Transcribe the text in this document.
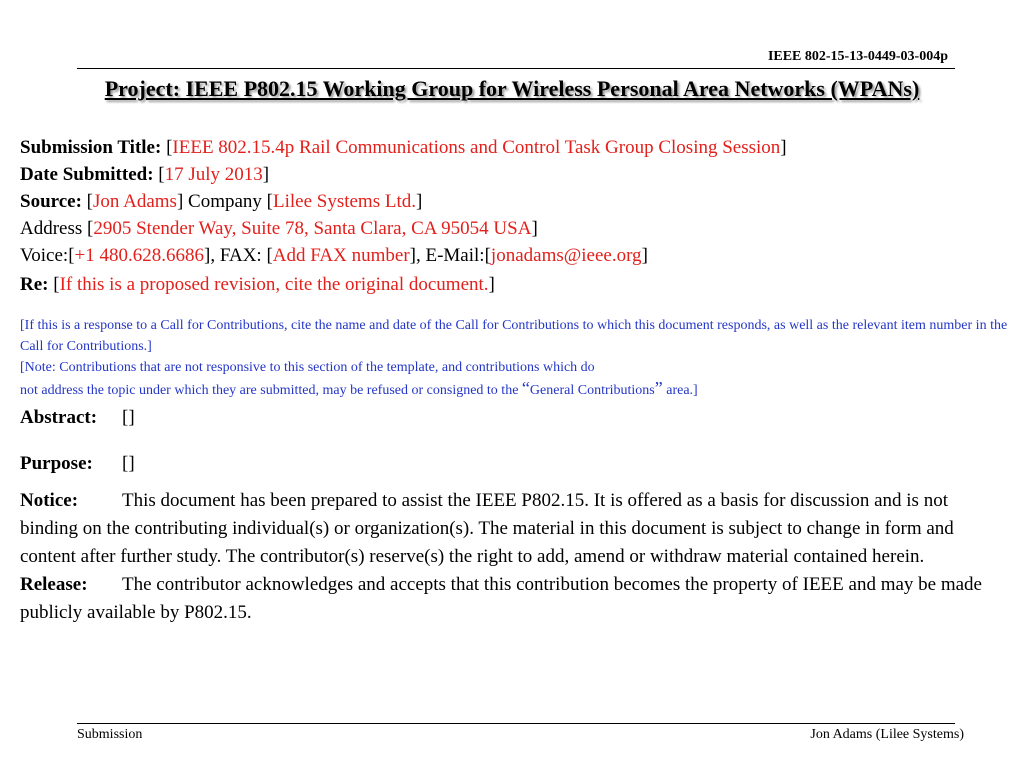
IEEE 802-15-13-0449-03-004p
Project: IEEE P802.15 Working Group for Wireless Personal Area Networks (WPANs)
Submission Title: [IEEE 802.15.4p Rail Communications and Control Task Group Closing Session]
Date Submitted: [17 July 2013]
Source: [Jon Adams] Company [Lilee Systems Ltd.]
Address [2905 Stender Way, Suite 78, Santa Clara, CA 95054 USA]
Voice:[+1 480.628.6686], FAX: [Add FAX number], E-Mail:[jonadams@ieee.org]
Re: [If this is a proposed revision, cite the original document.]
[If this is a response to a Call for Contributions, cite the name and date of the Call for Contributions to which this document responds, as well as the relevant item number in the Call for Contributions.]
[Note: Contributions that are not responsive to this section of the template, and contributions which do
not address the topic under which they are submitted, may be refused or consigned to the “General Contributions” area.]
Abstract: []
Purpose: []
Notice: This document has been prepared to assist the IEEE P802.15. It is offered as a basis for discussion and is not binding on the contributing individual(s) or organization(s). The material in this document is subject to change in form and content after further study. The contributor(s) reserve(s) the right to add, amend or withdraw material contained herein.
Release: The contributor acknowledges and accepts that this contribution becomes the property of IEEE and may be made publicly available by P802.15.
Submission	Jon Adams (Lilee Systems)
